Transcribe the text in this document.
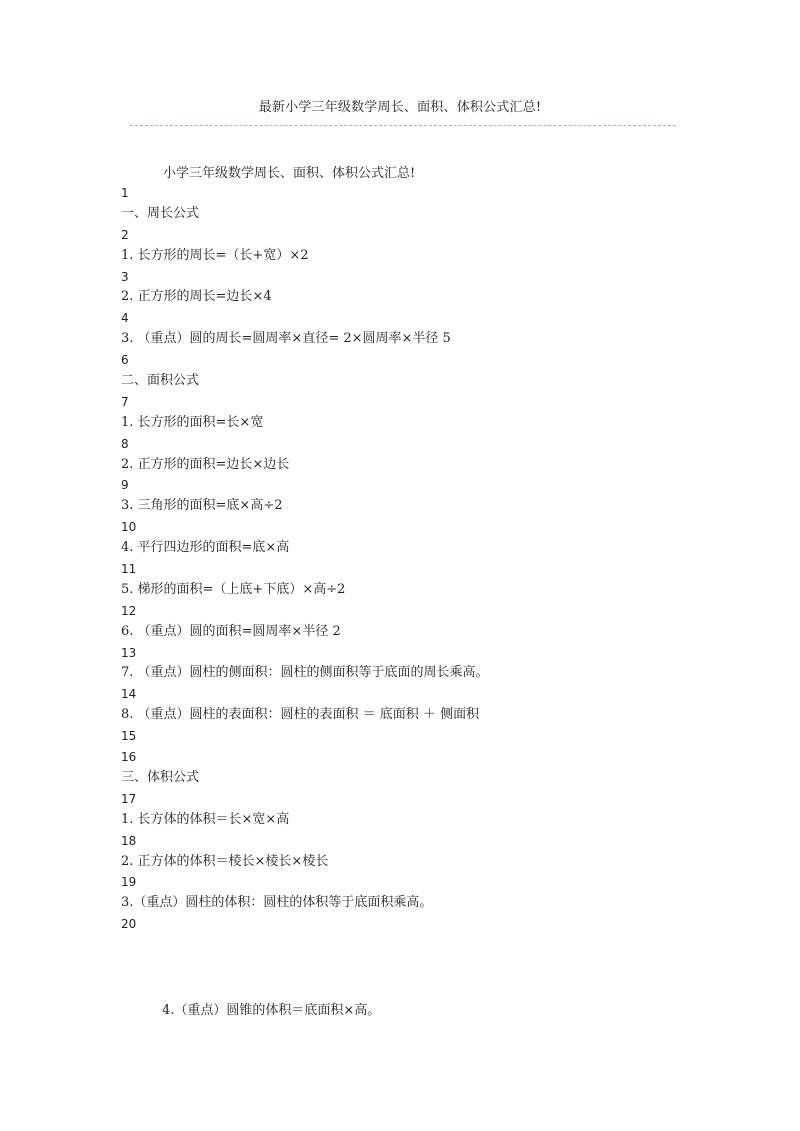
最新小学三年级数学周长、面积、体积公式汇总!
小学三年级数学周长、面积、体积公式汇总!
1
一、周长公式
2
1. 长方形的周长=（长+宽）×2
3
2. 正方形的周长=边长×4
4
3. （重点）圆的周长=圆周率×直径= 2×圆周率×半径 5
6
二、面积公式
7
1. 长方形的面积=长×宽
8
2. 正方形的面积=边长×边长
9
3. 三角形的面积=底×高÷2
10
4. 平行四边形的面积=底×高
11
5. 梯形的面积=（上底+下底）×高÷2
12
6. （重点）圆的面积=圆周率×半径 2
13
7. （重点）圆柱的侧面积：圆柱的侧面积等于底面的周长乘高。
14
8. （重点）圆柱的表面积：圆柱的表面积 ＝ 底面积 ＋ 侧面积
15
16
三、体积公式
17
1. 长方体的体积＝长×宽×高
18
2. 正方体的体积＝棱长×棱长×棱长
19
3.（重点）圆柱的体积：圆柱的体积等于底面积乘高。
20
4.（重点）圆锥的体积＝底面积×高。
